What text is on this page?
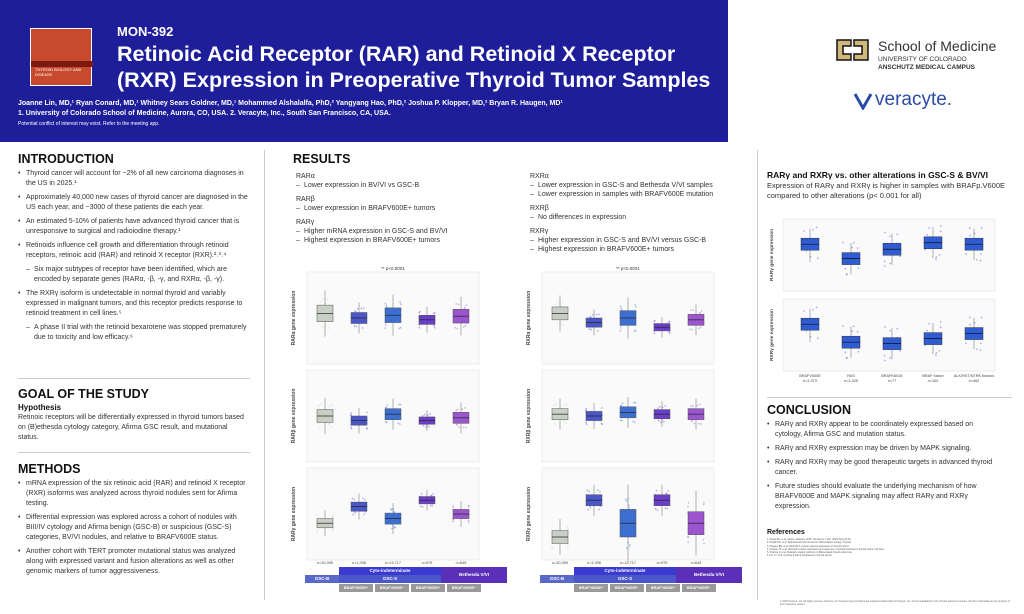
THYROID BIOLOGY AND DISEASE
MON-392
Retinoic Acid Receptor (RAR) and Retinoid X Receptor (RXR) Expression in Preoperative Thyroid Tumor Samples
Joanne Lin, MD,¹ Ryan Conard, MD,¹ Whitney Sears Goldner, MD,¹ Mohammed Alshalalfa, PhD,² Yangyang Hao, PhD,² Joshua P. Klopper, MD,² Bryan R. Haugen, MD¹
1. University of Colorado School of Medicine, Aurora, CO, USA. 2. Veracyte, Inc., South San Francisco, CA, USA.
Potential conflict of interest may exist. Refer to the meeting app.
School of Medicine
UNIVERSITY OF COLORADO
ANSCHUTZ MEDICAL CAMPUS
veracyte.
INTRODUCTION
• Thyroid cancer will account for ~2% of all new carcinoma diagnoses in the US in 2025.¹
• Approximately 40,000 new cases of thyroid cancer are diagnosed in the US each year, and ~3000 of these patients die each year.
• An estimated 5-10% of patients have advanced thyroid cancer that is unresponsive to surgical and radioiodine therapy.¹
• Retinoids influence cell growth and differentiation through retinoid receptors, retinoic acid (RAR) and retinoid X receptor (RXR).²˒³˒⁴
– Six major subtypes of receptor have been identified, which are encoded by separate genes (RARα, -β, -γ, and RXRα, -β, -γ).
• The RXRγ isoform is undetectable in normal thyroid and variably expressed in malignant tumors, and this receptor predicts response to retinoid treatment in cell lines.⁵
– A phase II trial with the retinoid bexarotene was stopped prematurely due to toxicity and low efficacy.⁶
GOAL OF THE STUDY
Hypothesis
Retinoic receptors will be differentially expressed in thyroid tumors based on (B)ethesda cytology category, Afirma GSC result, and mutational status.
METHODS
• mRNA expression of the six retinoic acid (RAR) and retinoid X receptor (RXR) isoforms was analyzed across thyroid nodules sent for Afirma testing.
• Differential expression was explored across a cohort of nodules with BIII/IV cytology and Afirma benign (GSC-B) or suspicious (GSC-S) categories, BV/VI nodules, and relative to BRAFV600E status.
• Another cohort with TERT promoter mutational status was analyzed along with expressed variant and fusion alterations as well as other genomic markers of tumor aggressiveness.
RESULTS
RARα
– Lower expression in BV/VI vs GSC-B
RARβ
– Lower expression in BRAFV600E+ tumors
RARγ
– Higher mRNA expression in GSC-S and BV/VI
– Highest expression in BRAFV600E+ tumors
RXRα
– Lower expression in GSC-S and Bethesda V/VI samples
– Lower expression in samples with BRAFV600E mutation
RXRβ
– No differences in expression
RXRγ
– Higher expression in GSC-S and BV/VI versus GSC-B
– Highest expression in BRAFV600E+ tumors
RARα gene expression
** p<0.0001
RARβ gene expression
RARγ gene expression
n=30,399	n=1,098	n=14,717	n=975	n=645
RXRα gene expression
** p<0.0001
RXRβ gene expression
RXRγ gene expression
n=30,399	n=1,098	n=14,717	n=975	n=645
RARγ and RXRγ vs. other alterations in GSC-S & BV/VI
Expression of RARγ and RXRγ is higher in samples with BRAFp.V600E compared to other alterations (p< 0.001 for all)
RARγ gene expression
RXRγ gene expression
BRAFV600E
n=1,073
RAS
n=1,025
BRAFK601E
n=77
BRAF fusion
n=100
ALK/RET/NTRK fusions
n=462
CONCLUSION
• RARγ and RXRγ appear to be coordinately expressed based on cytology, Afirma GSC and mutation status.
• RARγ and RXRγ expression may be driven by MAPK signaling.
• RARγ and RXRγ may be good therapeutic targets in advanced thyroid cancer.
• Future studies should evaluate the underlying mechanism of how BRAFV600E and MAPK signaling may affect RARγ and RXRγ expression.
References
1. Siegel RL, et al. Cancer statistics, 2025. CA Cancer J Clin. 2025;75(1):10-45.
2. Pawlik TM, et al. Retinoids and thyroid cancer differentiation therapy. Thyroid.
3. Haugen BR, et al. Retinoid X receptor gamma expression in thyroid tumors.
4. Klopper JP, et al. Retinoid receptor expression and response to retinoid treatment in thyroid cancer cell lines.
5. Sharma V, et al. Retinoid receptor isoforms in differentiated thyroid carcinoma.
6. Liu YY, et al. A phase II trial of bexarotene in thyroid cancer.
© 2025 Veracyte, Inc. All rights reserved. Veracyte, the Veracyte logo and Afirma are registered trademarks of Veracyte, Inc. and its subsidiaries in the US and selected countries. All other trademarks are the property of their respective owners.
GSC-B
Cyto-indeterminate
GSC-S
Bethesda V/VI
BRAFV600E+	BRAFV600E−	BRAFV600E+	BRAFV600E−
GSC-B
Cyto-indeterminate
GSC-S
Bethesda V/VI
BRAFV600E+	BRAFV600E−	BRAFV600E+	BRAFV600E−
